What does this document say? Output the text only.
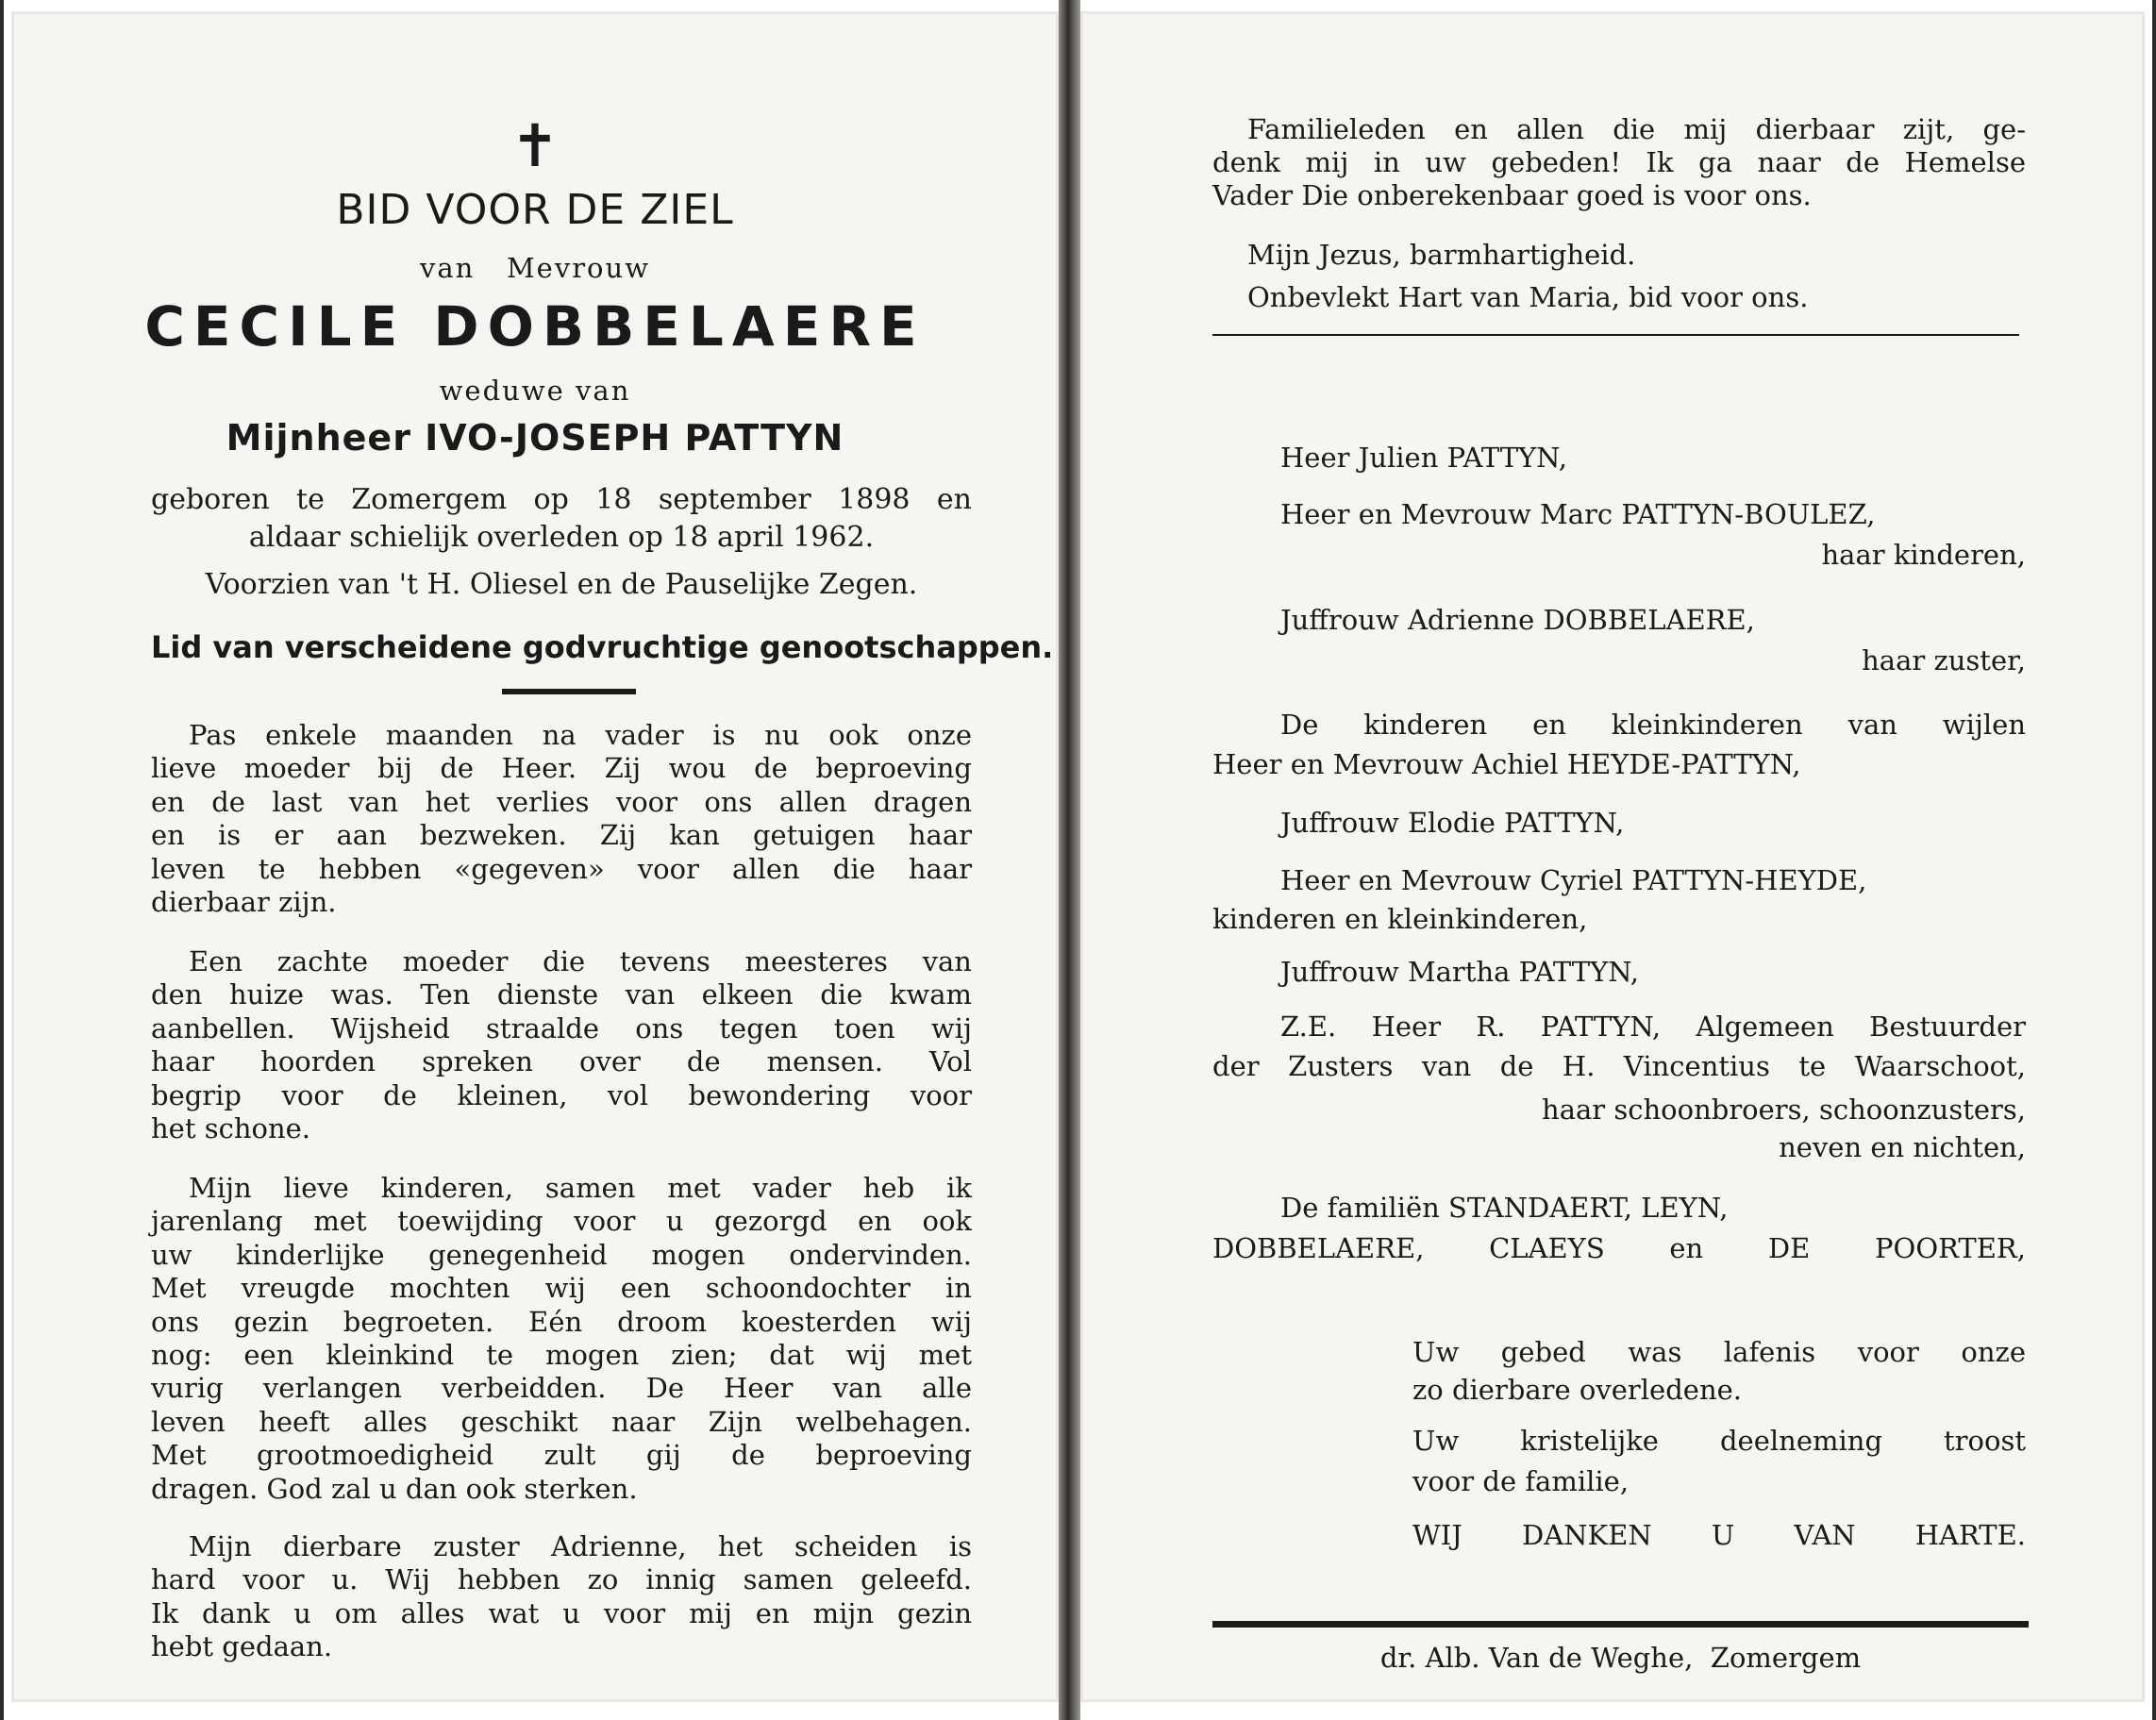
✝
BID VOOR DE ZIEL
van   Mevrouw
CECILE DOBBELAERE
weduwe van
Mijnheer IVO-JOSEPH PATTYN
geboren te Zomergem op 18 september 1898 en
aldaar schielijk overleden op 18 april 1962.
Voorzien van 't H. Oliesel en de Pauselijke Zegen.
Lid van verscheidene godvruchtige genootschappen.
Pas enkele maanden na vader is nu ook onze
lieve moeder bij de Heer. Zij wou de beproeving
en de last van het verlies voor ons allen dragen
en is er aan bezweken. Zij kan getuigen haar
leven te hebben «gegeven» voor allen die haar
dierbaar zijn.
Een zachte moeder die tevens meesteres van
den huize was. Ten dienste van elkeen die kwam
aanbellen. Wijsheid straalde ons tegen toen wij
haar hoorden spreken over de mensen. Vol
begrip voor de kleinen, vol bewondering voor
het schone.
Mijn lieve kinderen, samen met vader heb ik
jarenlang met toewijding voor u gezorgd en ook
uw kinderlijke genegenheid mogen ondervinden.
Met vreugde mochten wij een schoondochter in
ons gezin begroeten. Eén droom koesterden wij
nog: een kleinkind te mogen zien; dat wij met
vurig verlangen verbeidden. De Heer van alle
leven heeft alles geschikt naar Zijn welbehagen.
Met grootmoedigheid zult gij de beproeving
dragen. God zal u dan ook sterken.
Mijn dierbare zuster Adrienne, het scheiden is
hard voor u. Wij hebben zo innig samen geleefd.
Ik dank u om alles wat u voor mij en mijn gezin
hebt gedaan.
Familieleden en allen die mij dierbaar zijt, ge-
denk mij in uw gebeden! Ik ga naar de Hemelse
Vader Die onberekenbaar goed is voor ons.
Mijn Jezus, barmhartigheid.
Onbevlekt Hart van Maria, bid voor ons.
Heer Julien PATTYN,
Heer en Mevrouw Marc PATTYN-BOULEZ,
haar kinderen,
Juffrouw Adrienne DOBBELAERE,
haar zuster,
De kinderen en kleinkinderen van wijlen
Heer en Mevrouw Achiel HEYDE-PATTYN,
Juffrouw Elodie PATTYN,
Heer en Mevrouw Cyriel PATTYN-HEYDE,
kinderen en kleinkinderen,
Juffrouw Martha PATTYN,
Z.E. Heer R. PATTYN, Algemeen Bestuurder
der Zusters van de H. Vincentius te Waarschoot,
haar schoonbroers, schoonzusters,
neven en nichten,
De familiën STANDAERT, LEYN,
DOBBELAERE, CLAEYS en DE POORTER,
Uw gebed was lafenis voor onze
zo dierbare overledene.
Uw kristelijke deelneming troost
voor de familie,
WIJ DANKEN U VAN HARTE.
dr. Alb. Van de Weghe,  Zomergem
